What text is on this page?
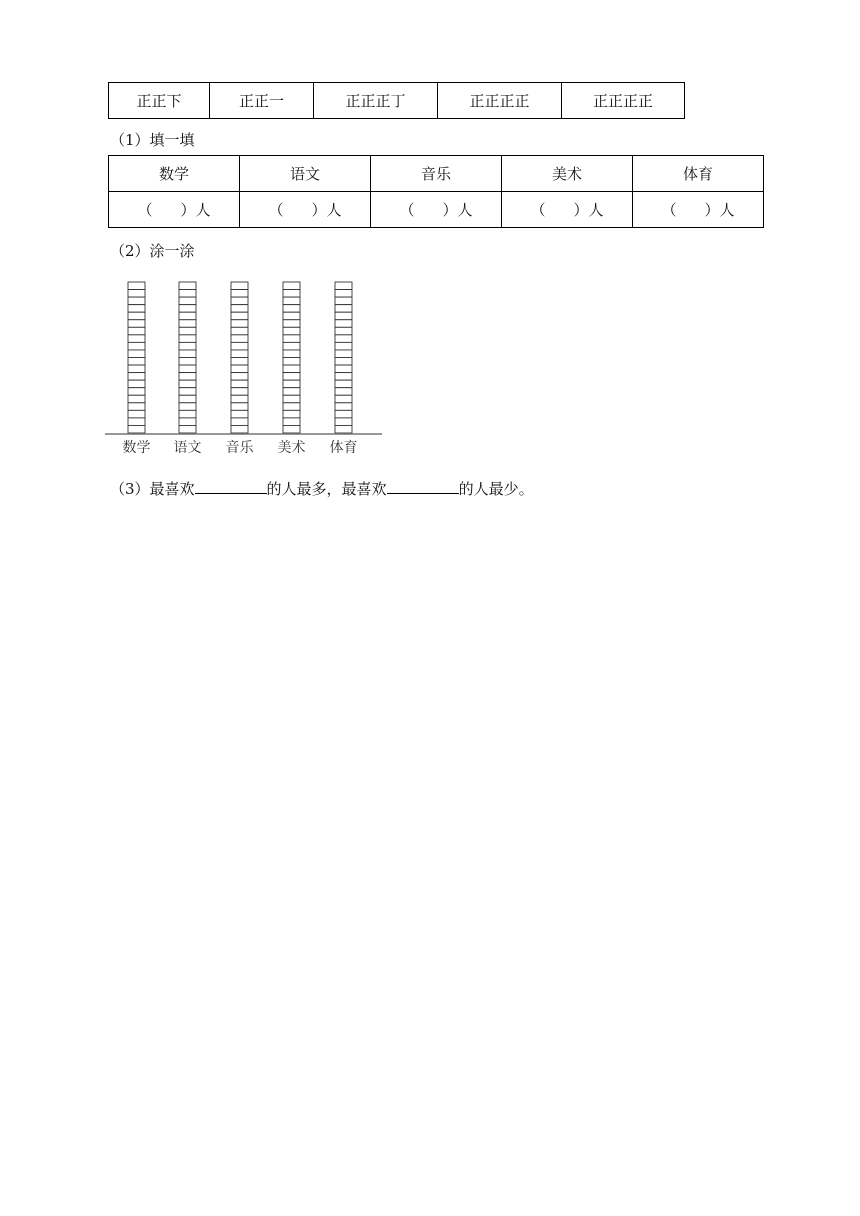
正正下	正正一	正正正丁	正正正正	正正正正
（1）填一填
数学	语文	音乐	美术	体育
（ ）人	（ ）人	（ ）人	（ ）人	（ ）人
（2）涂一涂
数学 语文 音乐 美术 体育
（3）最喜欢	的人最多，最喜欢	的人最少。
